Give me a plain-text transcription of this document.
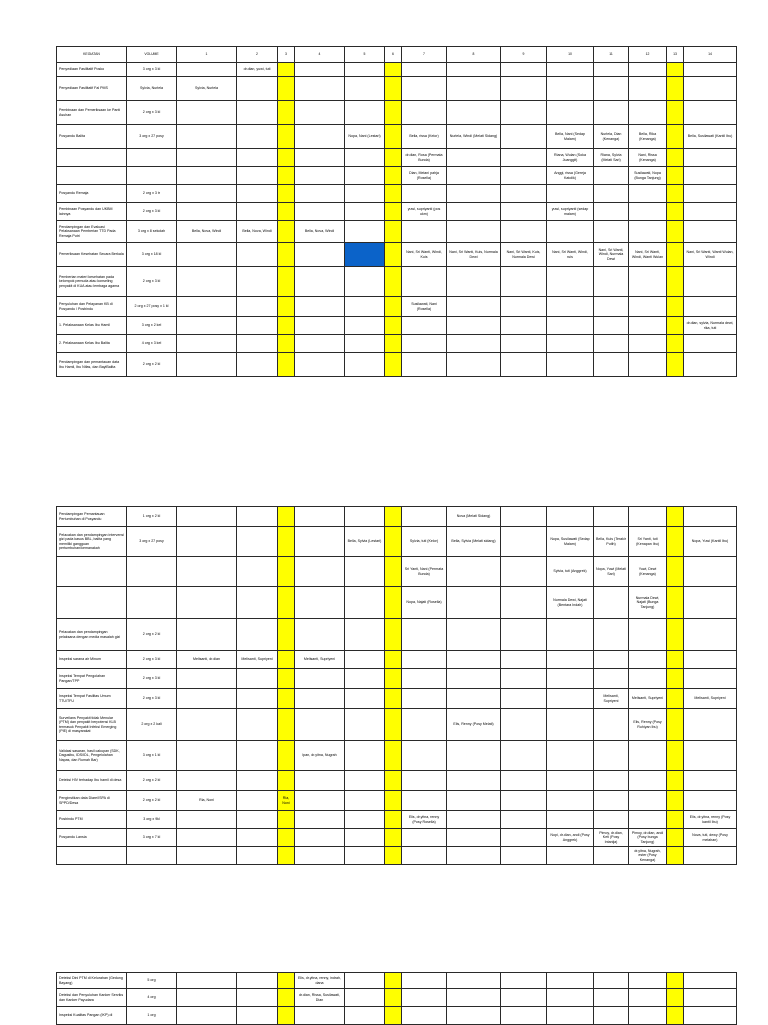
KEGIATAN	VOLUME	1	2	3	4	5	6	7	8	9	10	11	12	13	14
Penyediaan Fasilitatif Posko	3 org x 3 kl		dr.dian, yuwi, tuti												
Penyediaan Fasilitatif Fal PMS	Sylvia, Nurlela	Sylvia, Nurlela													
Pembinaan dan Pemeriksaan ke Panti Asuhan	2 org x 3 kl														
Posyandu Balita	3 org x 27 posy					Nopa, Nani (Lestari)		Bella, rissa (Kelor)	Nurlela, Windi (Melati Sidang)		Bella, Nani (Sedap Malam)	Nurlela, Dian (Kenanga)	Bella, Rika (Kenanga)		Bella, Susilawati (Kantil Ibu)
								dr.dian, Rosa (Permata Bunda)			Riana, Wulan (Soka Juanggit)	Riana, Sylvia (Melati Sari)	Nani, Rissa (Kenanga)		
								Dian, Melani pahja (Rosella)			Anggi, rissa (Gereja Katolik)		Susilawati, Nopa (Bunga Tanjung)		
Posyandu Remaja	2 org x 3 tr														
Pembinaan Posyandu dan UKBM lainnya	2 org x 3 kl							yuwi, supriyanti (pos ukm)			yuwi, supriyanti (sedap malam)				
Pendampingan dan Evaluasi Pelaksanaan Pemberian TTD Pada Remaja Putri	3 org x 8 sekolah	Bella, Nova, Windi	Bella, Nova, Windi		Bella, Nova, Windi										
Pemeriksaan Kesehatan Secara Berkala	3 org x 18 kl							Nani, Sri Wanti, Windi, Kuis	Nani, Sri Wanti, Kuis, Nurmala Dewi	Nani, Sri Wanti, Kuis, Nurmala Dewi	Nani, Sri Wanti, Windi, ruis	Nani, Sri Wanti, Windi, Nurmala Dewi	Nani, Sri Wanti, Windi, Wanti Wulan		Nani, Sri Wanti, Wanti Wulan, Windi
Pemberian materi kesehatan pada kelompok pemuda atau konseling penyakit di KUA atau lembaga agama	2 org x 3 kl														
Penyuluhan dan Pelayanan KB di Posyandu / Posbindu	2 org x 27 posy x 1 kl							Susilawati, Nani (Rosella)							
1. Pelaksanaan Kelas Ibu Hamil	3 org x 2 kel														dr.dian, sylvia, Nurmala dewi, rika, tuti
2. Pelaksanaan Kelas Ibu Balita	4 org x 3 kel														
Pendampingan dan pemantauan data Ibu Hamil, Ibu Nifas, dan BayiBalita	2 org x 2 kl														
Pendampingan Pemantauan Pertumbuhan di Posyandu	1 org x 2 kl								Nova (Melati Sidang)						
Pelacakan dan pendampingan intervensi gizi pada kasus BBL, balita yang memiliki gangguan pertumbuhan/kemanakah	3 org x 27 posy					Bella, Sylvia (Lestari)		Sylvia, tuti (Kelor)	Bella, Sylvia (Melati sidang)		Nopa, Susilawati (Sedap Malam)	Bella, Kuis (Terakir Putih)	Sri Yanti, tuti (Kenapan Ibu)		Nopa, Yuwi (Kantil Ibu)
								Sri Yanti, Nani (Permata Bunda)			Sylvia, tuti (Anggrek)	Nopa, Yuwi (Melati Sari)	Yuwi, Dewi (Kenanga)		
								Nopa, Najati (Rosella)			Nurmala Dewi, Najati (Bentara Indah)		Nurmala Dewi, Najati (Bunga Tanjung)		
Pelacakan dan pendampingan pelaksana dengan media masalah gizi	2 org x 2 kl														
Inspeksi sarana air Minum	2 org x 3 kl	Melisanti, dr.dian	Melisanti, Supriyeni		Melisanti, Supriyeni										
Inspeksi Tempat Pengolahan Pangan/TPP	2 org x 3 kl														
Inspeksi Tempat Fasilitas Umum TTU/TFU	2 org x 3 kl											Melisanti, Supriyeni	Melisanti, Supriyeni		Melisanti, Supriyeni
Surveilans Penyakit tidak Menular (PTM) dan penyakit berpotensi KLB termasuk Penyakit Infeksi Emerging (PIE) di masyarakat	2 org x 2 kali								Elis, Renny (Posy Melati)				Elis, Renny (Posy Ruhiyan Ibu)		
Validasi sasaran, hasil cakupan (SDK, Dagusibu, IDS/IDL, Pengelolahan Napas, dan Rumah Bar)	3 org x 1 kl				Ipan, dr.yitna, Nugrah										
Deteksi HIV terhadap Ibu hamil di desa	2 org x 2 kl														
Penginstikan data Diare/ISPA di SPPD/Desa	2 org x 2 kl	Ria, Noni		Ria, Noni											
Posbindu PTM	3 org x 9kl							Elis, dr.yitna, renny (Posy Rosella)							Elis, dr.yitna, renny (Posy kantil Ibu)
Posyandu Lansia	3 org x 7 kl										Nopi, dr.dian, andi (Posy Anggrek)	Pimoy, dr.dian, Keti (Posy Intanija)	Pimoy, dr.dian, andi (Posy bunga Tanjung)		Nova, tuti, dewy (Posy melahan)
													dr.yitna, Nugrah, ester (Posy Kenanga)		
Deteksi Dini PTM di Kelurahan (Gedung Bayang)	5 org				Elis, dr.yitna, renny, indrah, dana										
Deteksi dan Penyuluhan Kanker Serviks dan Kanker Payudara	4 org				dr.dian, Rissa, Susilawati, Dian										
Inspeksi Kualitas Pangan (IKP) di	1 org														
